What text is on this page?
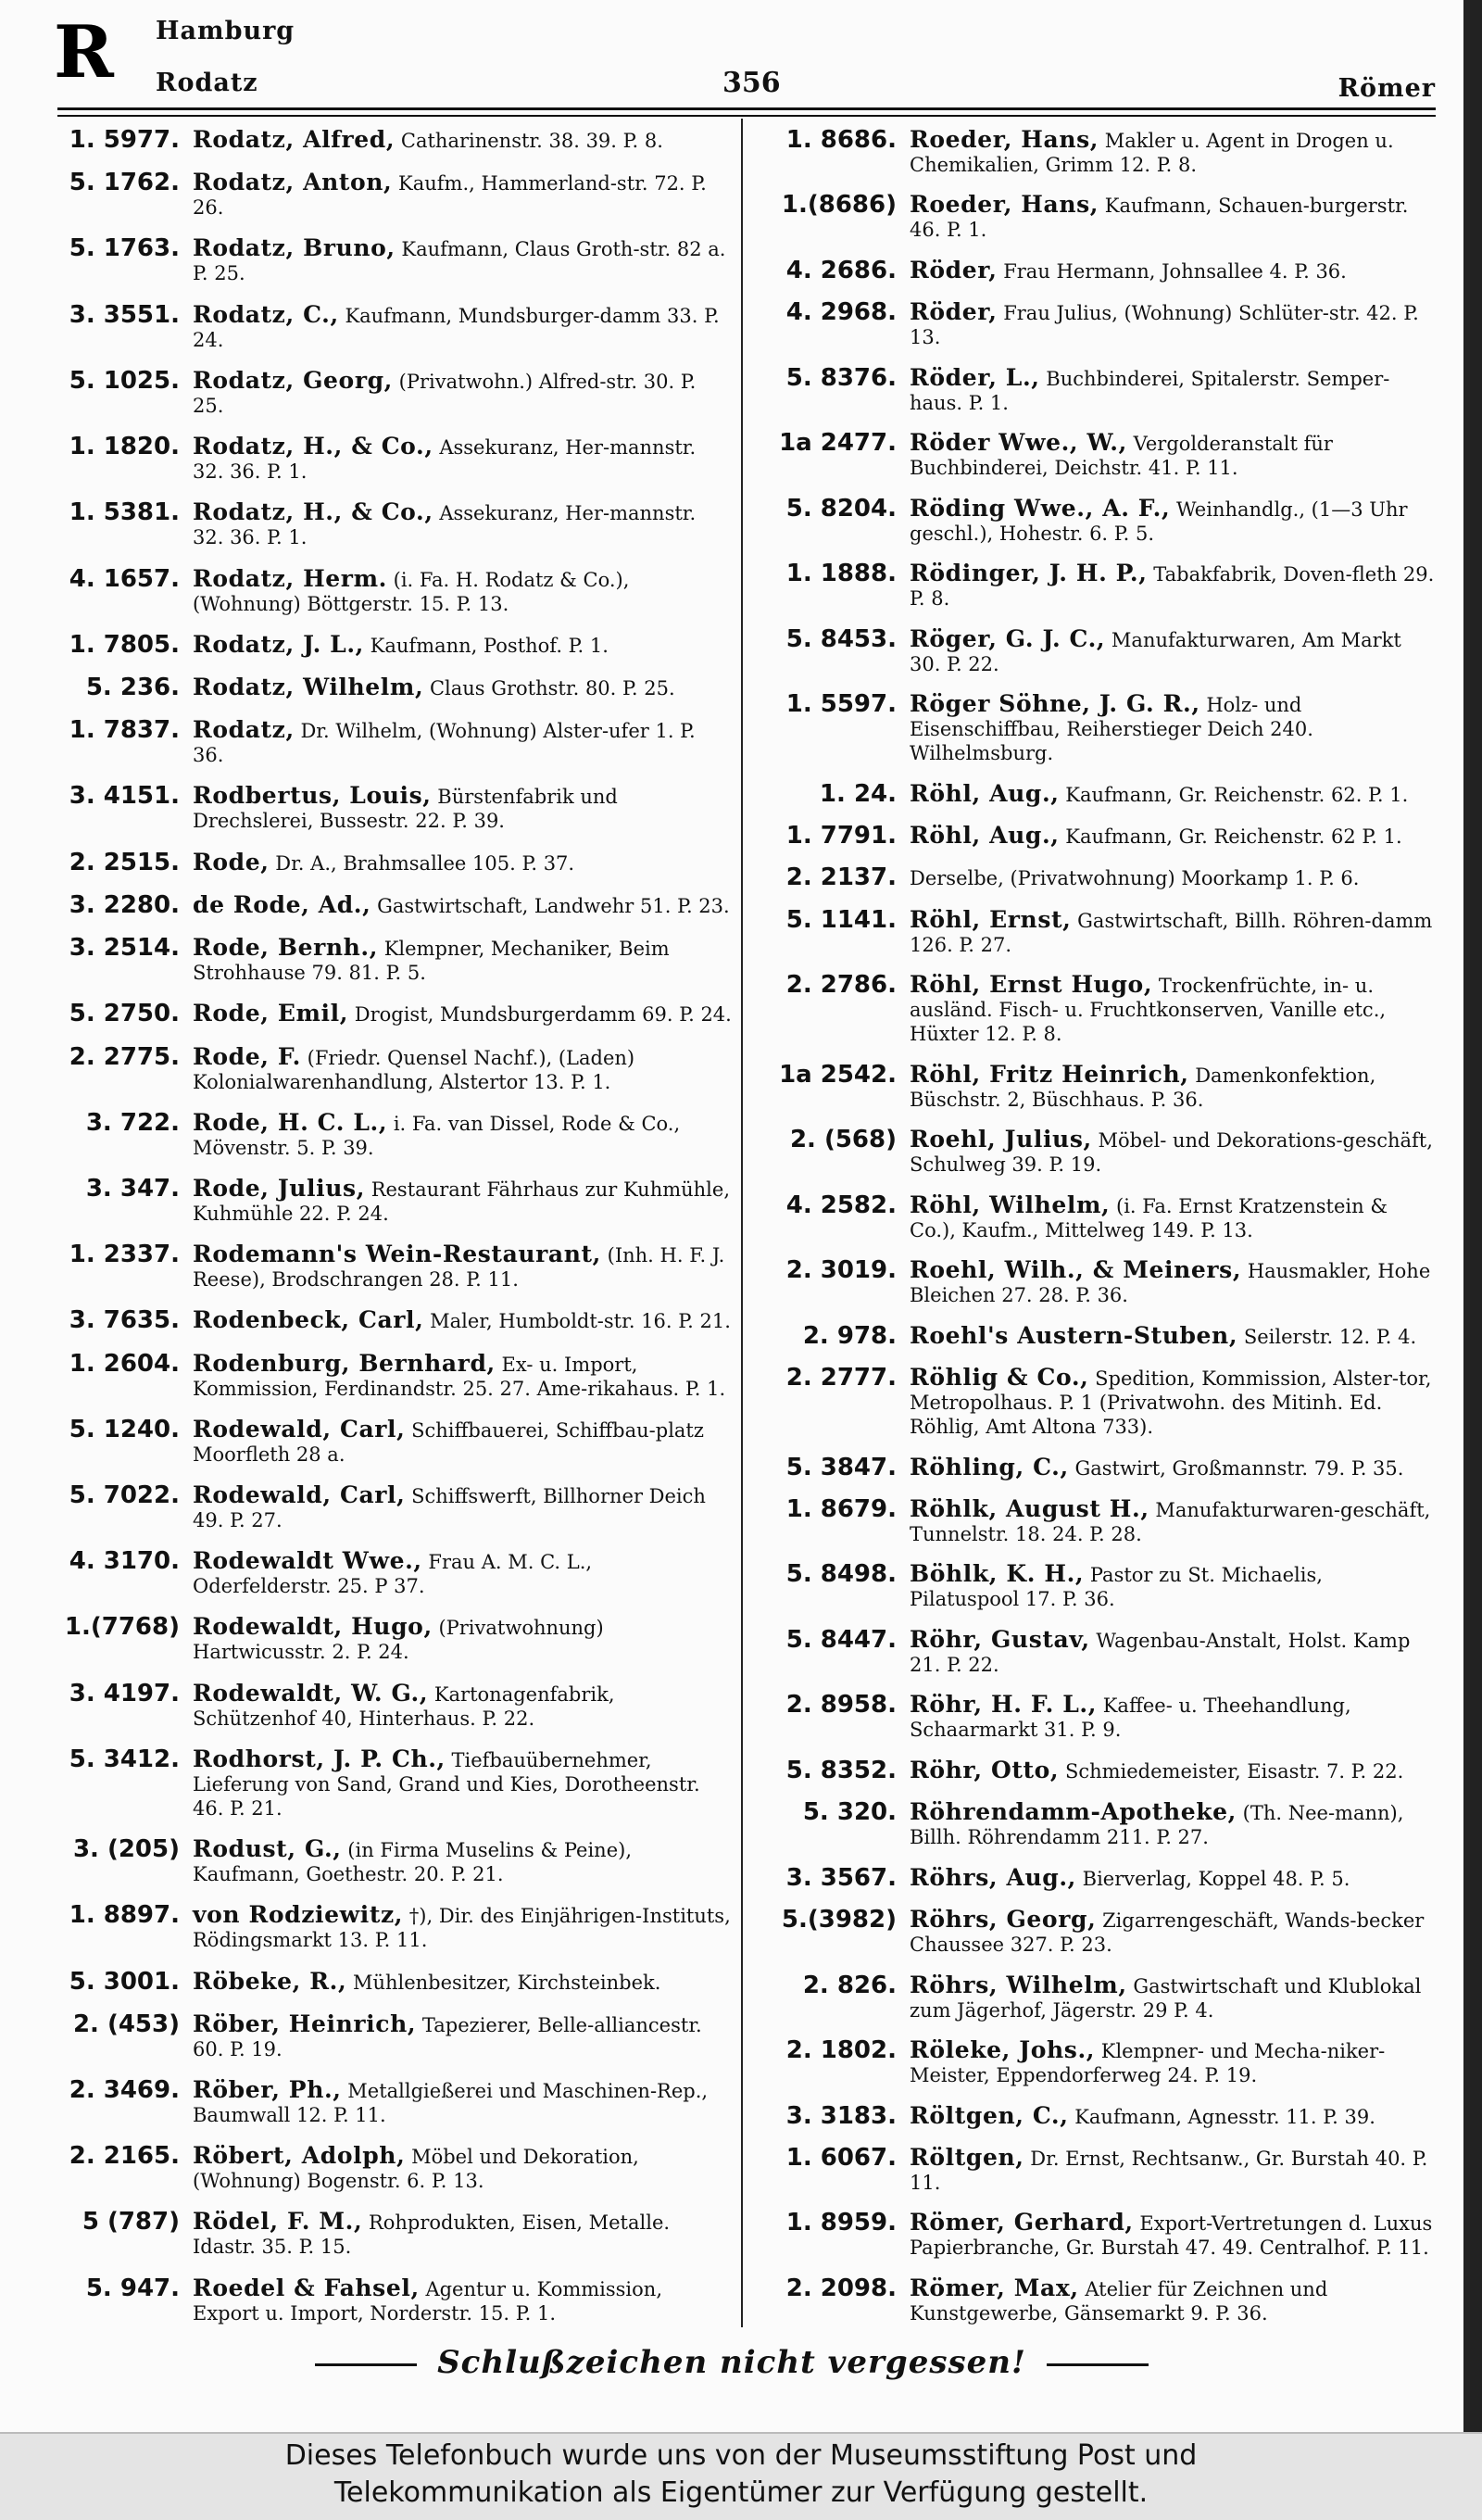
R Hamburg
Rodatz	356	Römer
1. 5977. Rodatz, Alfred, Catharinenstr. 38. 39. P. 8.
5. 1762. Rodatz, Anton, Kaufm., Hammerland-str. 72. P. 26.
5. 1763. Rodatz, Bruno, Kaufmann, Claus Groth-str. 82 a. P. 25.
3. 3551. Rodatz, C., Kaufmann, Mundsburger-damm 33. P. 24.
5. 1025. Rodatz, Georg, (Privatwohn.) Alfred-str. 30. P. 25.
1. 1820. Rodatz, H., & Co., Assekuranz, Her-mannstr. 32. 36. P. 1.
1. 5381. Rodatz, H., & Co., Assekuranz, Her-mannstr. 32. 36. P. 1.
4. 1657. Rodatz, Herm. (i. Fa. H. Rodatz & Co.), (Wohnung) Böttgerstr. 15. P. 13.
1. 7805. Rodatz, J. L., Kaufmann, Posthof. P. 1.
5. 236. Rodatz, Wilhelm, Claus Grothstr. 80. P. 25.
1. 7837. Rodatz, Dr. Wilhelm, (Wohnung) Alster-ufer 1. P. 36.
3. 4151. Rodbertus, Louis, Bürstenfabrik und Drechslerei, Bussestr. 22. P. 39.
2. 2515. Rode, Dr. A., Brahmsallee 105. P. 37.
3. 2280. de Rode, Ad., Gastwirtschaft, Landwehr 51. P. 23.
3. 2514. Rode, Bernh., Klempner, Mechaniker, Beim Strohhause 79. 81. P. 5.
5. 2750. Rode, Emil, Drogist, Mundsburgerdamm 69. P. 24.
2. 2775. Rode, F. (Friedr. Quensel Nachf.), (Laden) Kolonialwarenhandlung, Alstertor 13. P. 1.
3. 722. Rode, H. C. L., i. Fa. van Dissel, Rode & Co., Mövenstr. 5. P. 39.
3. 347. Rode, Julius, Restaurant Fährhaus zur Kuhmühle, Kuhmühle 22. P. 24.
1. 2337. Rodemann's Wein-Restaurant, (Inh. H. F. J. Reese), Brodschrangen 28. P. 11.
3. 7635. Rodenbeck, Carl, Maler, Humboldt-str. 16. P. 21.
1. 2604. Rodenburg, Bernhard, Ex- u. Import, Kommission, Ferdinandstr. 25. 27. Ame-rikahaus. P. 1.
5. 1240. Rodewald, Carl, Schiffbauerei, Schiffbau-platz Moorfleth 28 a.
5. 7022. Rodewald, Carl, Schiffswerft, Billhorner Deich 49. P. 27.
4. 3170. Rodewaldt Wwe., Frau A. M. C. L., Oderfelderstr. 25. P 37.
1.(7768) Rodewaldt, Hugo, (Privatwohnung) Hartwicusstr. 2. P. 24.
3. 4197. Rodewaldt, W. G., Kartonagenfabrik, Schützenhof 40, Hinterhaus. P. 22.
5. 3412. Rodhorst, J. P. Ch., Tiefbauübernehmer, Lieferung von Sand, Grand und Kies, Dorotheenstr. 46. P. 21.
3. (205) Rodust, G., (in Firma Muselins & Peine), Kaufmann, Goethestr. 20. P. 21.
1. 8897. von Rodziewitz, †), Dir. des Einjährigen-Instituts, Rödingsmarkt 13. P. 11.
5. 3001. Röbeke, R., Mühlenbesitzer, Kirchsteinbek.
2. (453) Röber, Heinrich, Tapezierer, Belle-alliancestr. 60. P. 19.
2. 3469. Röber, Ph., Metallgießerei und Maschinen-Rep., Baumwall 12. P. 11.
2. 2165. Röbert, Adolph, Möbel und Dekoration, (Wohnung) Bogenstr. 6. P. 13.
5 (787) Rödel, F. M., Rohprodukten, Eisen, Metalle. Idastr. 35. P. 15.
5. 947. Roedel & Fahsel, Agentur u. Kommission, Export u. Import, Norderstr. 15. P. 1.
1. 8686. Roeder, Hans, Makler u. Agent in Drogen u. Chemikalien, Grimm 12. P. 8.
1.(8686) Roeder, Hans, Kaufmann, Schauen-burgerstr. 46. P. 1.
4. 2686. Röder, Frau Hermann, Johnsallee 4. P. 36.
4. 2968. Röder, Frau Julius, (Wohnung) Schlüter-str. 42. P. 13.
5. 8376. Röder, L., Buchbinderei, Spitalerstr. Semper-haus. P. 1.
1a 2477. Röder Wwe., W., Vergolderanstalt für Buchbinderei, Deichstr. 41. P. 11.
5. 8204. Röding Wwe., A. F., Weinhandlg., (1—3 Uhr geschl.), Hohestr. 6. P. 5.
1. 1888. Rödinger, J. H. P., Tabakfabrik, Doven-fleth 29. P. 8.
5. 8453. Röger, G. J. C., Manufakturwaren, Am Markt 30. P. 22.
1. 5597. Röger Söhne, J. G. R., Holz- und Eisenschiffbau, Reiherstieger Deich 240. Wilhelmsburg.
1. 24. Röhl, Aug., Kaufmann, Gr. Reichenstr. 62. P. 1.
1. 7791. Röhl, Aug., Kaufmann, Gr. Reichenstr. 62 P. 1.
2. 2137. Derselbe, (Privatwohnung) Moorkamp 1. P. 6.
5. 1141. Röhl, Ernst, Gastwirtschaft, Billh. Röhren-damm 126. P. 27.
2. 2786. Röhl, Ernst Hugo, Trockenfrüchte, in- u. ausländ. Fisch- u. Fruchtkonserven, Vanille etc., Hüxter 12. P. 8.
1a 2542. Röhl, Fritz Heinrich, Damenkonfektion, Büschstr. 2, Büschhaus. P. 36.
2. (568) Roehl, Julius, Möbel- und Dekorations-geschäft, Schulweg 39. P. 19.
4. 2582. Röhl, Wilhelm, (i. Fa. Ernst Kratzenstein & Co.), Kaufm., Mittelweg 149. P. 13.
2. 3019. Roehl, Wilh., & Meiners, Hausmakler, Hohe Bleichen 27. 28. P. 36.
2. 978. Roehl's Austern-Stuben, Seilerstr. 12. P. 4.
2. 2777. Röhlig & Co., Spedition, Kommission, Alster-tor, Metropolhaus. P. 1 (Privatwohn. des Mitinh. Ed. Röhlig, Amt Altona 733).
5. 3847. Röhling, C., Gastwirt, Großmannstr. 79. P. 35.
1. 8679. Röhlk, August H., Manufakturwaren-geschäft, Tunnelstr. 18. 24. P. 28.
5. 8498. Böhlk, K. H., Pastor zu St. Michaelis, Pilatuspool 17. P. 36.
5. 8447. Röhr, Gustav, Wagenbau-Anstalt, Holst. Kamp 21. P. 22.
2. 8958. Röhr, H. F. L., Kaffee- u. Theehandlung, Schaarmarkt 31. P. 9.
5. 8352. Röhr, Otto, Schmiedemeister, Eisastr. 7. P. 22.
5. 320. Röhrendamm-Apotheke, (Th. Nee-mann), Billh. Röhrendamm 211. P. 27.
3. 3567. Röhrs, Aug., Bierverlag, Koppel 48. P. 5.
5.(3982) Röhrs, Georg, Zigarrengeschäft, Wands-becker Chaussee 327. P. 23.
2. 826. Röhrs, Wilhelm, Gastwirtschaft und Klublokal zum Jägerhof, Jägerstr. 29 P. 4.
2. 1802. Röleke, Johs., Klempner- und Mecha-niker-Meister, Eppendorferweg 24. P. 19.
3. 3183. Röltgen, C., Kaufmann, Agnesstr. 11. P. 39.
1. 6067. Röltgen, Dr. Ernst, Rechtsanw., Gr. Burstah 40. P. 11.
1. 8959. Römer, Gerhard, Export-Vertretungen d. Luxus Papierbranche, Gr. Burstah 47. 49. Centralhof. P. 11.
2. 2098. Römer, Max, Atelier für Zeichnen und Kunstgewerbe, Gänsemarkt 9. P. 36.
Schlußzeichen nicht vergessen!
Dieses Telefonbuch wurde uns von der Museumsstiftung Post und
Telekommunikation als Eigentümer zur Verfügung gestellt.
